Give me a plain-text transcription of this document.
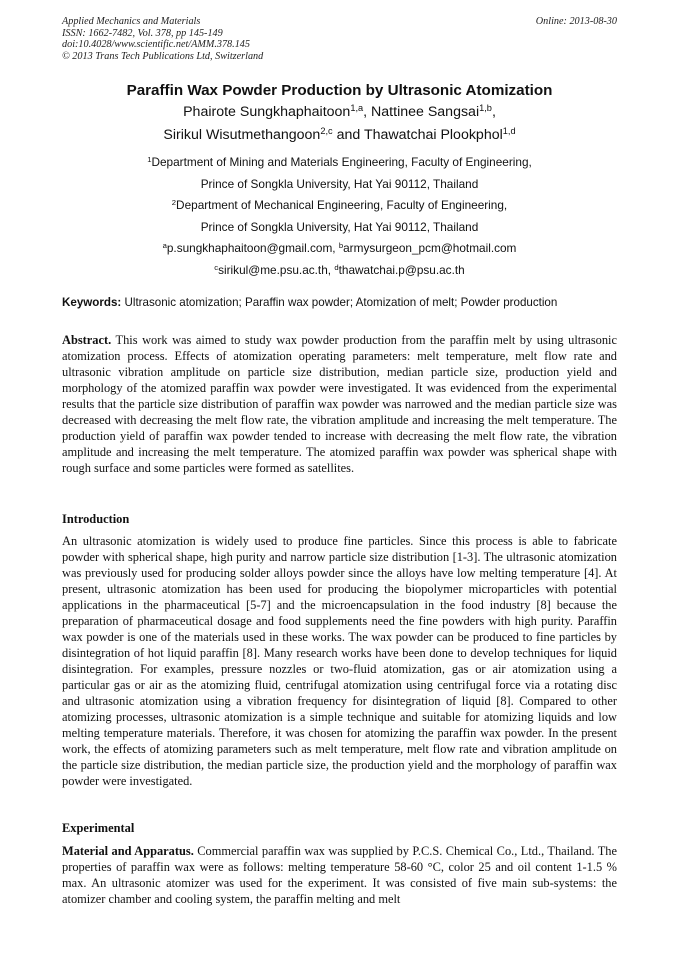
Applied Mechanics and Materials
ISSN: 1662-7482, Vol. 378, pp 145-149
doi:10.4028/www.scientific.net/AMM.378.145
© 2013 Trans Tech Publications Ltd, Switzerland
Online: 2013-08-30
Paraffin Wax Powder Production by Ultrasonic Atomization
Phairote Sungkhaphaitoon$^{1,a}$, Nattinee Sangsai$^{1,b}$,
Sirikul Wisutmethangoon$^{2,c}$ and Thawatchai Plookphol$^{1,d}$
$^1$Department of Mining and Materials Engineering, Faculty of Engineering,
Prince of Songkla University, Hat Yai 90112, Thailand
$^2$Department of Mechanical Engineering, Faculty of Engineering,
Prince of Songkla University, Hat Yai 90112, Thailand
$^a$p.sungkhaphaitoon@gmail.com, $^b$armysurgeon_pcm@hotmail.com
$^c$sirikul@me.psu.ac.th, $^d$thawatchai.p@psu.ac.th
Keywords: Ultrasonic atomization; Paraffin wax powder; Atomization of melt; Powder production
Abstract. This work was aimed to study wax powder production from the paraffin melt by using ultrasonic atomization process. Effects of atomization operating parameters: melt temperature, melt flow rate and ultrasonic vibration amplitude on particle size distribution, median particle size, production yield and morphology of the atomized paraffin wax powder were investigated. It was evidenced from the experimental results that the particle size distribution of paraffin wax powder was narrowed and the median particle size was decreased with decreasing the melt flow rate, the vibration amplitude and increasing the melt temperature. The production yield of paraffin wax powder tended to increase with decreasing the melt flow rate, the vibration amplitude and increasing the melt temperature. The atomized paraffin wax powder was spherical shape with rough surface and some particles were formed as satellites.
Introduction
An ultrasonic atomization is widely used to produce fine particles. Since this process is able to fabricate powder with spherical shape, high purity and narrow particle size distribution [1-3]. The ultrasonic atomization was previously used for producing solder alloys powder since the alloys have low melting temperature [4]. At present, ultrasonic atomization has been used for producing the biopolymer microparticles with potential applications in the pharmaceutical [5-7] and the microencapsulation in the food industry [8] because the preparation of pharmaceutical dosage and food supplements need the fine powders with high purity. Paraffin wax powder is one of the materials used in these works. The wax powder can be produced to fine particles by disintegration of hot liquid paraffin [8]. Many research works have been done to develop techniques for liquid disintegration. For examples, pressure nozzles or two-fluid atomization, gas or air atomization using a particular gas or air as the atomizing fluid, centrifugal atomization using centrifugal force via a rotating disc and ultrasonic atomization using a vibration frequency for disintegration of liquid [8]. Compared to other atomizing processes, ultrasonic atomization is a simple technique and suitable for atomizing liquids and low melting temperature materials. Therefore, it was chosen for atomizing the paraffin wax powder. In the present work, the effects of atomizing parameters such as melt temperature, melt flow rate and vibration amplitude on the particle size distribution, the median particle size, the production yield and the morphology of paraffin wax powder were investigated.
Experimental
Material and Apparatus. Commercial paraffin wax was supplied by P.C.S. Chemical Co., Ltd., Thailand. The properties of paraffin wax were as follows: melting temperature 58-60 °C, color 25 and oil content 1-1.5 % max. An ultrasonic atomizer was used for the experiment. It was consisted of five main sub-systems: the atomizer chamber and cooling system, the paraffin melting and melt
